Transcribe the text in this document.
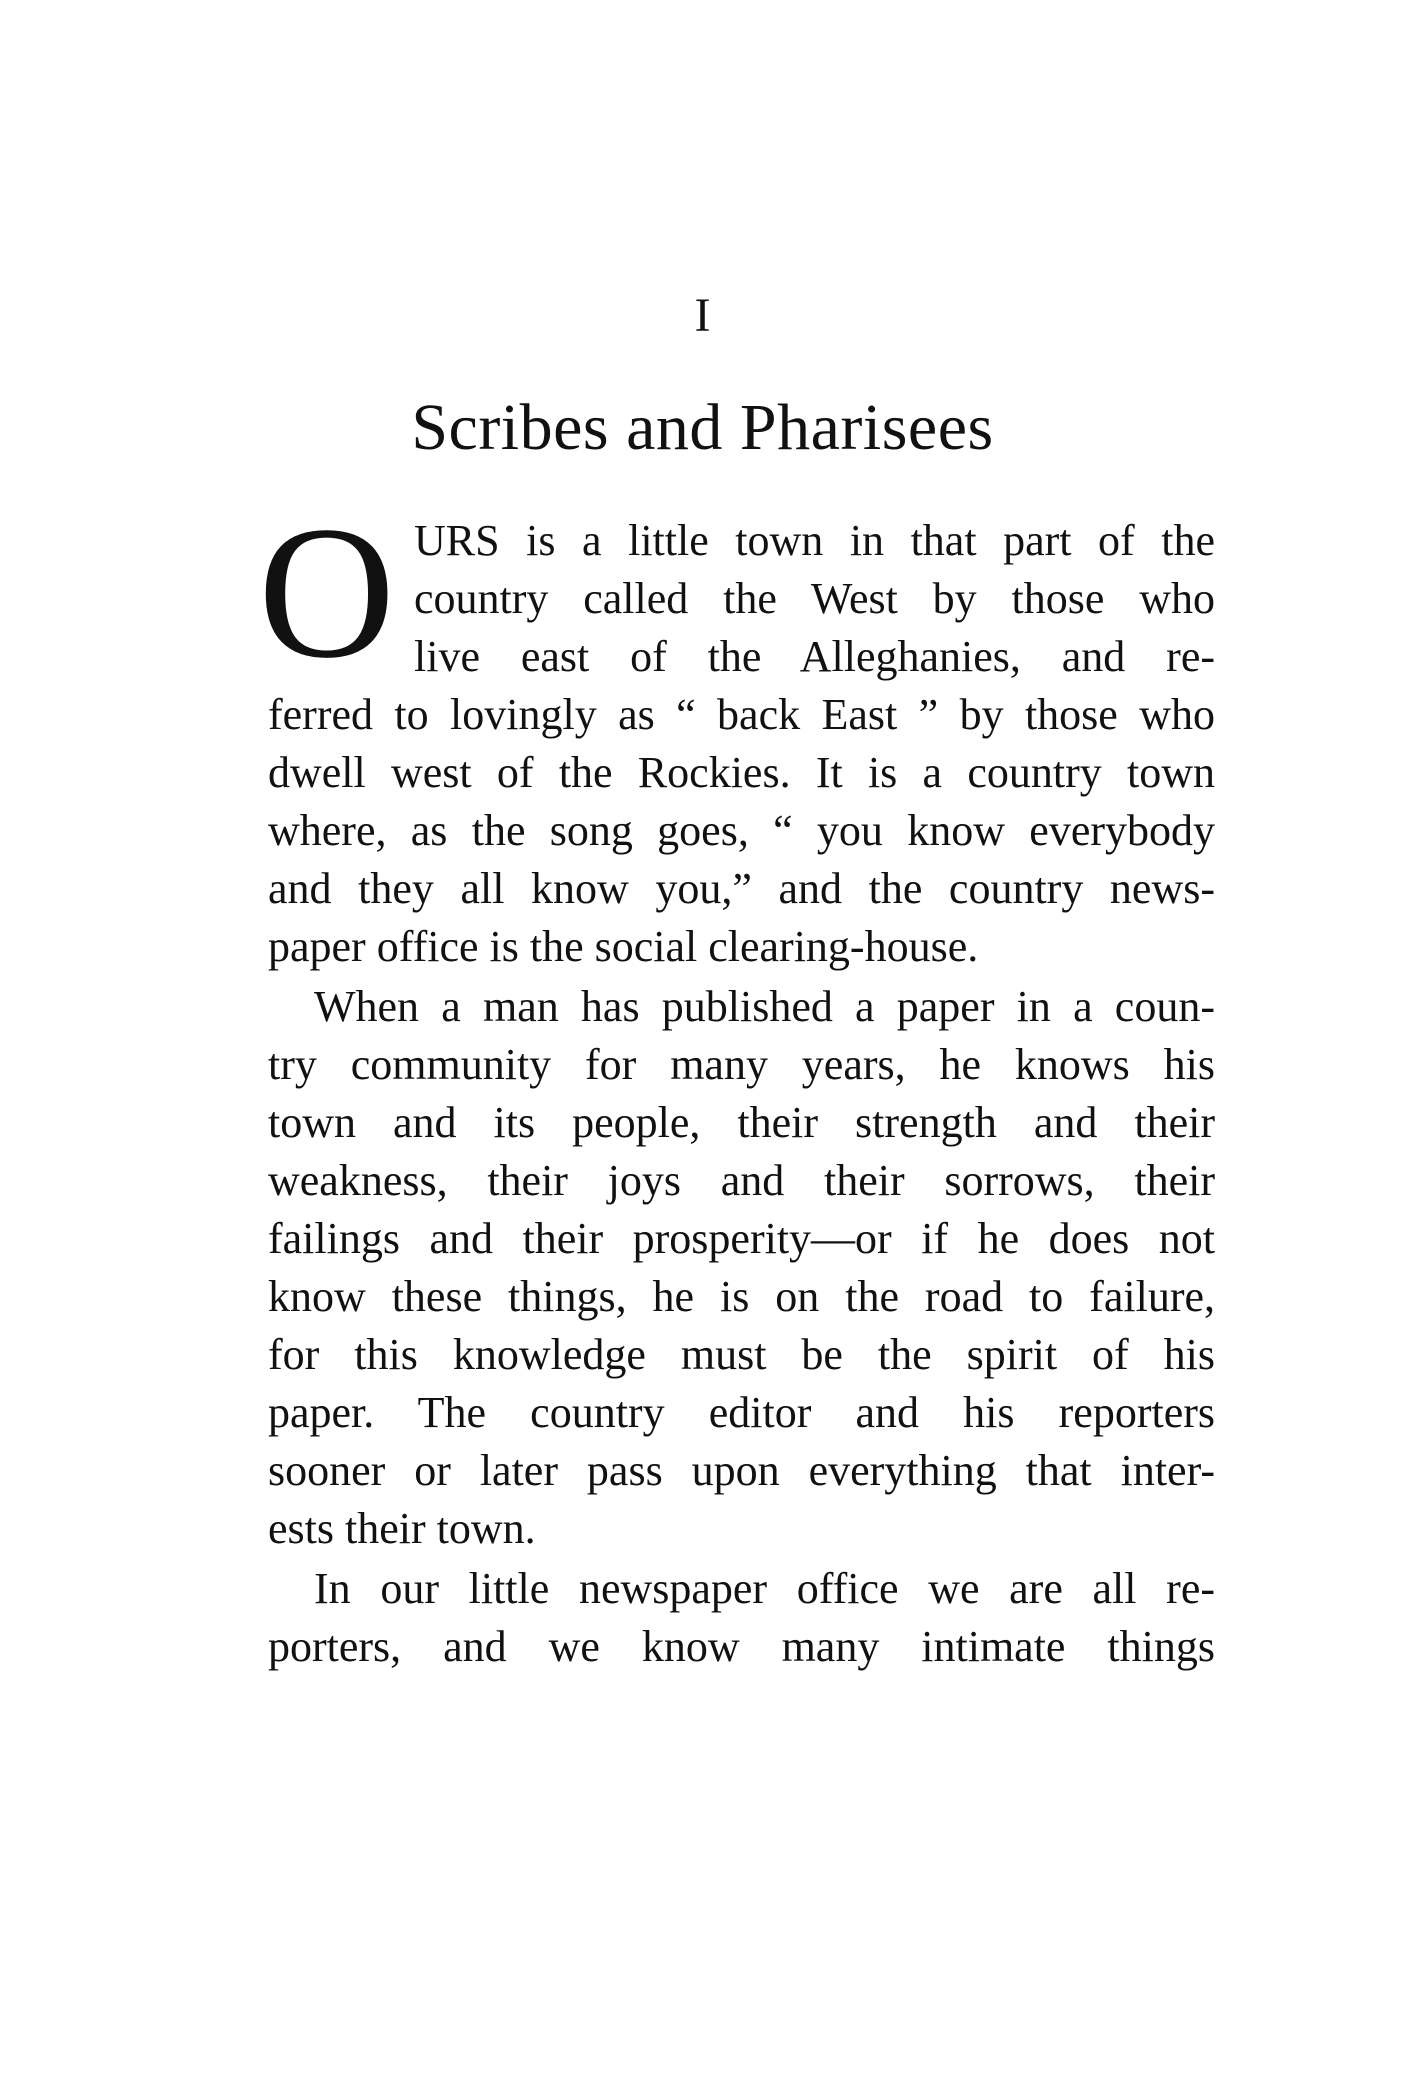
I
Scribes and Pharisees
O URS is a little town in that part of the
country called the West by those who
live east of the Alleghanies, and re-
ferred to lovingly as “ back East ” by those who
dwell west of the Rockies. It is a country town
where, as the song goes, “ you know everybody
and they all know you,” and the country news-
paper office is the social clearing-house.
When a man has published a paper in a coun-
try community for many years, he knows his
town and its people, their strength and their
weakness, their joys and their sorrows, their
failings and their prosperity—or if he does not
know these things, he is on the road to failure,
for this knowledge must be the spirit of his
paper. The country editor and his reporters
sooner or later pass upon everything that inter-
ests their town.
In our little newspaper office we are all re-
porters, and we know many intimate things
